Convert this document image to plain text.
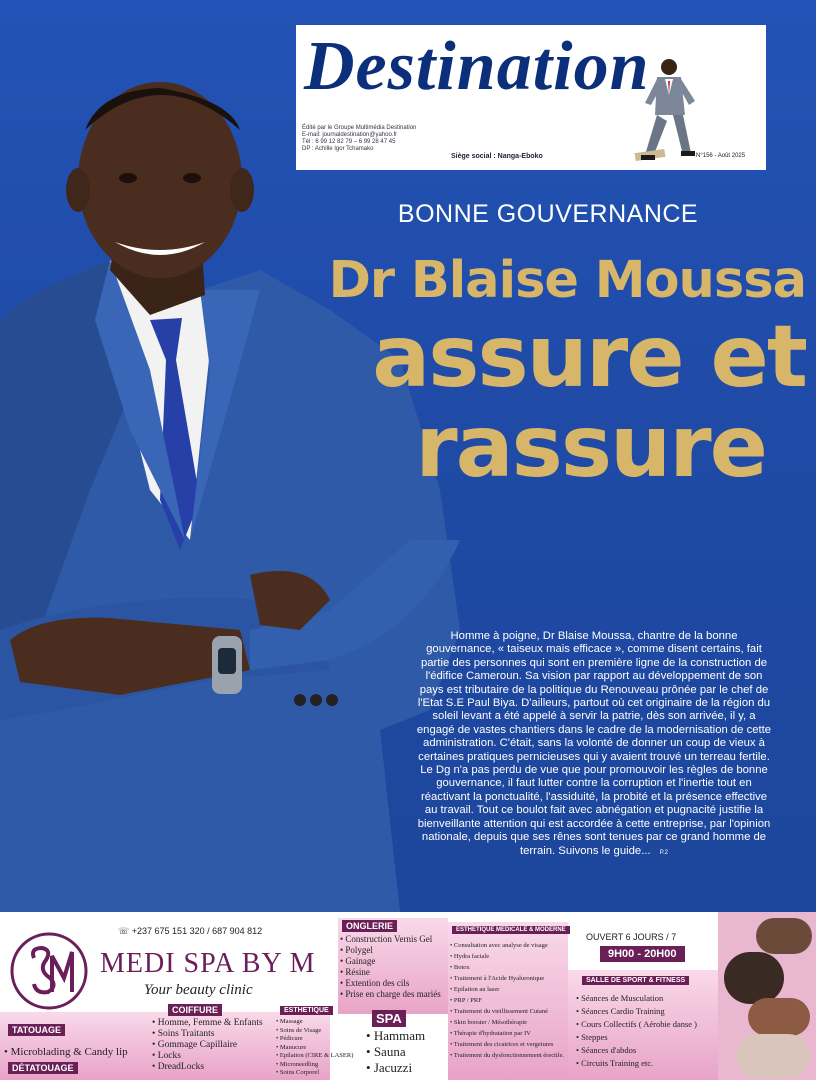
Destination
Édité par le Groupe Multimédia Destination
E-mail: journaldestination@yahoo.fr
Tél : 6 99 12 82 79 – 6 99 28 47 45
DP : Achille Igor Tchamako
Siège social : Nanga-Eboko	N°156 - Août 2025
BONNE GOUVERNANCE
Dr Blaise Moussa
assure et
rassure
Homme à poigne, Dr Blaise Moussa, chantre de la bonne gouvernance, « taiseux mais efficace », comme disent certains, fait partie des personnes qui sont en première ligne de la construction de l'édifice Cameroun. Sa vision par rapport au développement de son pays est tributaire de la politique du Renouveau prônée par le chef de l'Etat S.E Paul Biya. D'ailleurs, partout où cet originaire de la région du soleil levant a été appelé à servir la patrie, dès son arrivée, il y, a engagé de vastes chantiers dans le cadre de la modernisation de cette administration. C'était, sans la volonté de donner un coup de vieux à certaines pratiques pernicieuses qui y avaient trouvé un terreau fertile. Le Dg n'a pas perdu de vue que pour promouvoir les règles de bonne gouvernance, il faut lutter contre la corruption et l'inertie tout en réactivant la ponctualité, l'assiduité, la probité et la présence effective au travail. Tout ce boulot fait avec abnégation et pugnacité justifie la bienveillante attention qui est accordée à cette entreprise, par l'opinion nationale, depuis que ses rênes sont tenues par ce grand homme de terrain. Suivons le guide... P.2
☏ +237 675 151 320 / 687 904 812
MEDI SPA BY M
Your beauty clinic
TATOUAGE
• Microblading & Candy lip
DÉTATOUAGE
COIFFURE
• Homme, Femme & Enfants
• Soins Traitants
• Gommage Capillaire
• Locks
• DreadLocks
ESTHETIQUE
• Massage
• Soins de Visage
• Pédicure
• Manucure
• Epilation (CIRE & LASER)
• Microneedling
• Soins Corporel
ONGLERIE
• Construction Vernis Gel
• Polygel
• Gainage
• Résine
• Extention des cils
• Prise en charge des mariés
SPA
• Hammam
• Sauna
• Jacuzzi
ESTHETIQUE MEDICALE & MODERNE
• Consultation avec analyse de visage
• Hydra faciale
• Botox
• Traitement à l'Acide Hyaluronique
• Epilation au laser
• PRP / PRF
• Traitement du vieillissement Cutané
• Skin booster / Mésothérapie
• Thérapie d'hydratation par IV
• Traitement des cicatrices et vergetures
• Traitement du dysfonctionnement érectile.
OUVERT 6 JOURS / 7
9H00 - 20H00
SALLE DE SPORT & FITNESS
• Séances de Musculation
• Séances Cardio Training
• Cours Collectifs ( Aérobie danse )
• Steppes
• Séances d'abdos
• Circuits Training etc.
